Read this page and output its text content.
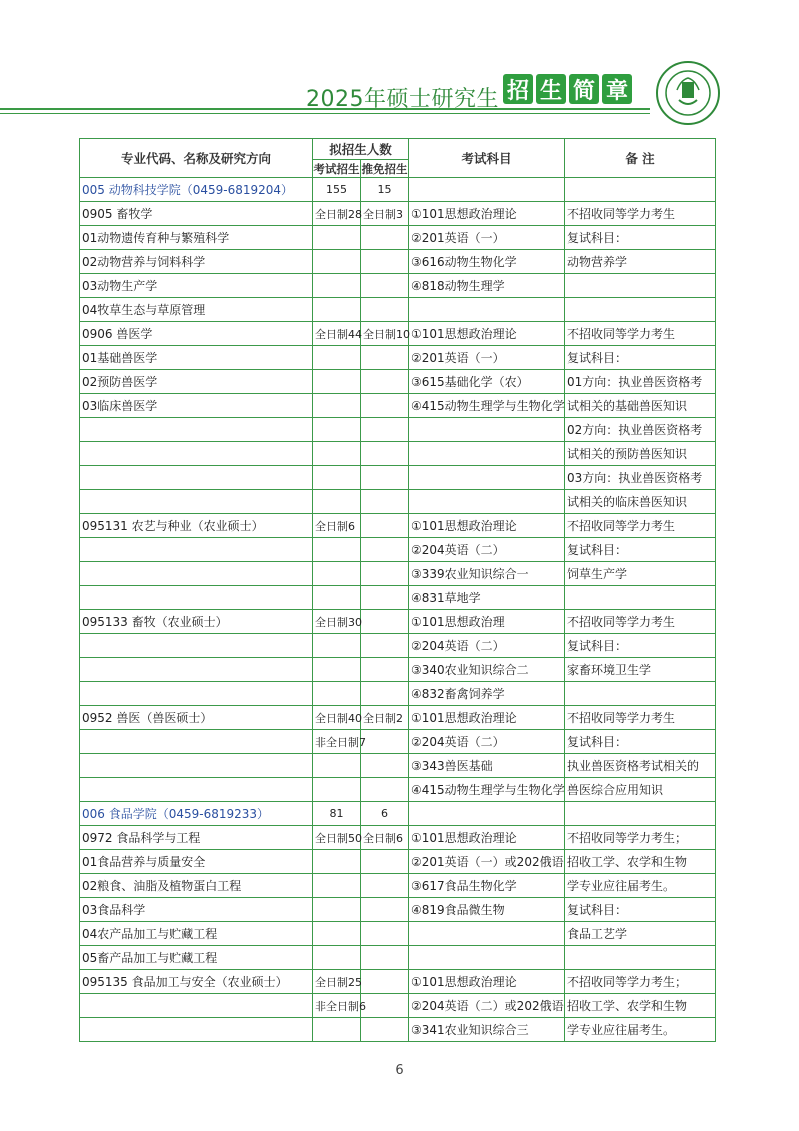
2025年硕士研究生 招 生 简 章
专业代码、名称及研究方向	拟招生人数		考试科目	备 注
	考试招生	推免招生		
005 动物科技学院（0459-6819204）	155	15		
0905 畜牧学	全日制28	全日制3	①101思想政治理论	不招收同等学力考生
01动物遗传育种与繁殖科学			②201英语（一）	复试科目：
02动物营养与饲料科学			③616动物生物化学	动物营养学
03动物生产学			④818动物生理学	
04牧草生态与草原管理				
0906 兽医学	全日制44	全日制10	①101思想政治理论	不招收同等学力考生
01基础兽医学			②201英语（一）	复试科目：
02预防兽医学			③615基础化学（农）	01方向：执业兽医资格考
03临床兽医学			④415动物生理学与生物化学	试相关的基础兽医知识
				02方向：执业兽医资格考
				试相关的预防兽医知识
				03方向：执业兽医资格考
				试相关的临床兽医知识
095131 农艺与种业（农业硕士）	全日制6		①101思想政治理论	不招收同等学力考生
			②204英语（二）	复试科目：
			③339农业知识综合一	饲草生产学
			④831草地学	
095133 畜牧（农业硕士）	全日制30		①101思想政治理	不招收同等学力考生
			②204英语（二）	复试科目：
			③340农业知识综合二	家畜环境卫生学
			④832畜禽饲养学	
0952 兽医（兽医硕士）	全日制40	全日制2	①101思想政治理论	不招收同等学力考生
	非全日制7		②204英语（二）	复试科目：
			③343兽医基础	执业兽医资格考试相关的
			④415动物生理学与生物化学	兽医综合应用知识
006 食品学院（0459-6819233）	81	6		
0972 食品科学与工程	全日制50	全日制6	①101思想政治理论	不招收同等学力考生；
01食品营养与质量安全			②201英语（一）或202俄语	招收工学、农学和生物
02粮食、油脂及植物蛋白工程			③617食品生物化学	学专业应往届考生。
03食品科学			④819食品微生物	复试科目：
04农产品加工与贮藏工程				食品工艺学
05畜产品加工与贮藏工程				
095135 食品加工与安全（农业硕士）	全日制25		①101思想政治理论	不招收同等学力考生；
	非全日制6		②204英语（二）或202俄语	招收工学、农学和生物
			③341农业知识综合三	学专业应往届考生。
6
